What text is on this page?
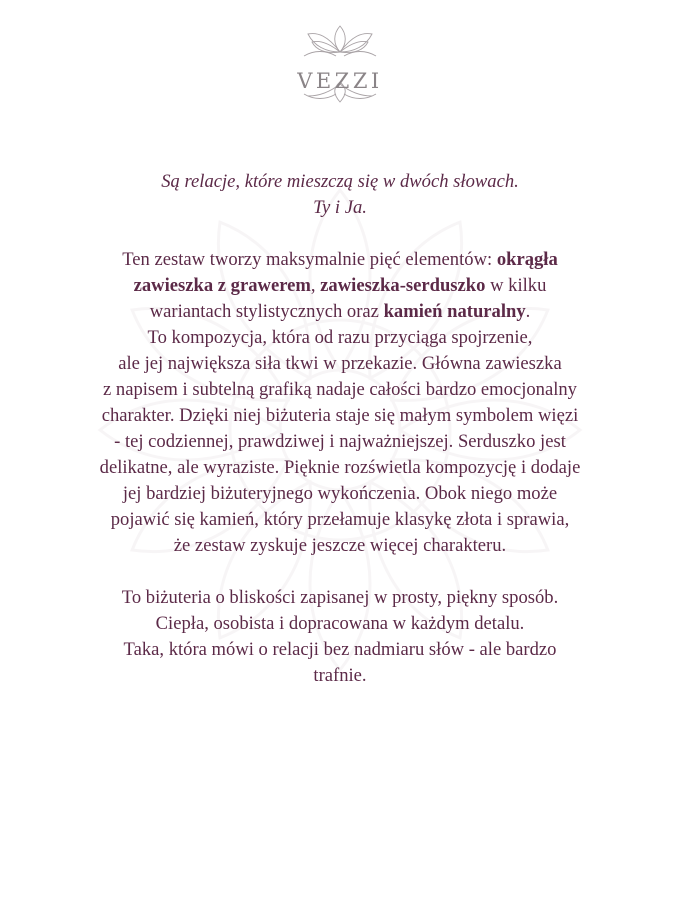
VEZZI

Są relacje, które mieszczą się w dwóch słowach.

Ty i Ja.

Ten zestaw tworzy maksymalnie pięć elementów: okrągła

zawieszka z grawerem, zawieszka-serduszko w kilku

wariantach stylistycznych oraz kamień naturalny.

To kompozycja, która od razu przyciąga spojrzenie,

ale jej największa siła tkwi w przekazie. Główna zawieszka

z napisem i subtelną grafiką nadaje całości bardzo emocjonalny

charakter. Dzięki niej biżuteria staje się małym symbolem więzi

- tej codziennej, prawdziwej i najważniejszej. Serduszko jest

delikatne, ale wyraziste. Pięknie rozświetla kompozycję i dodaje

jej bardziej biżuteryjnego wykończenia. Obok niego może

pojawić się kamień, który przełamuje klasykę złota i sprawia,

że zestaw zyskuje jeszcze więcej charakteru.

To biżuteria o bliskości zapisanej w prosty, piękny sposób.

Ciepła, osobista i dopracowana w każdym detalu.

Taka, która mówi o relacji bez nadmiaru słów - ale bardzo

trafnie.
